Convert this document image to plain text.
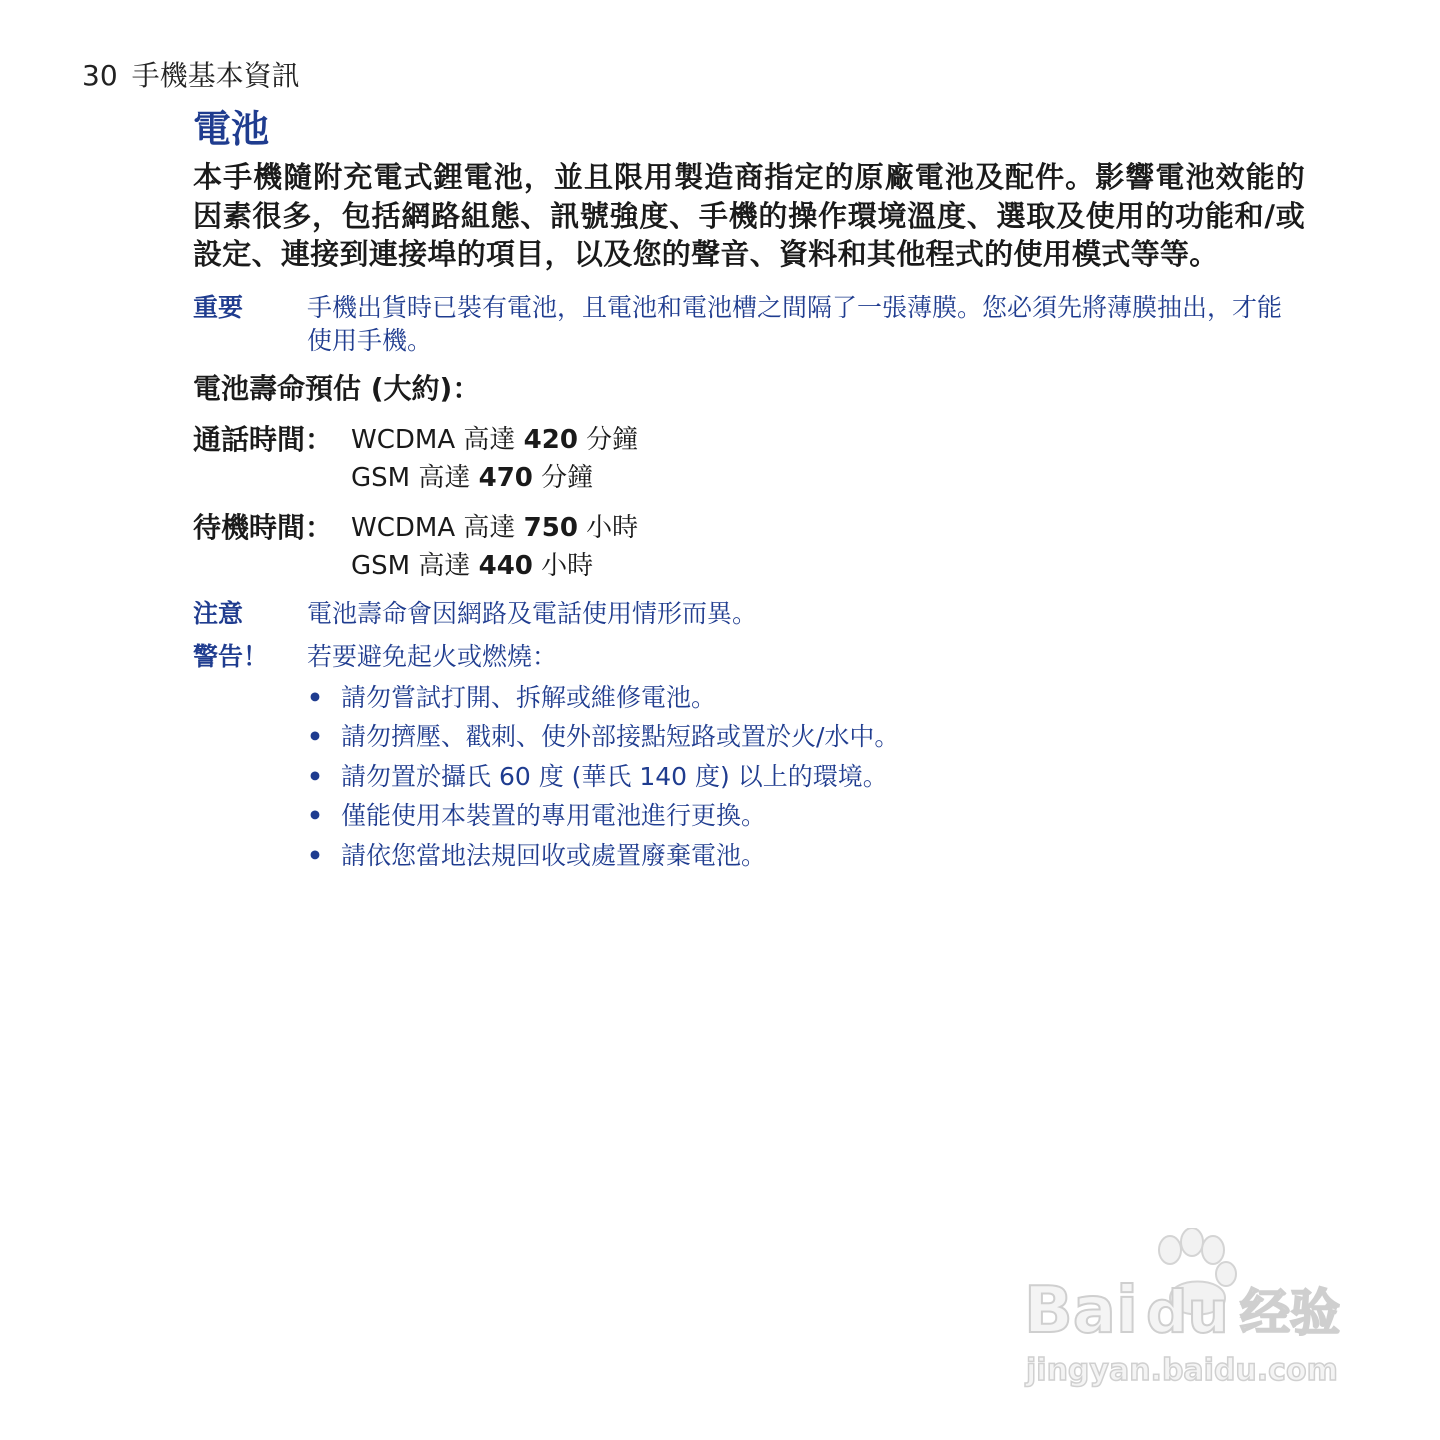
30 手機基本資訊
電池

本手機隨附充電式鋰電池，並且限用製造商指定的原廠電池及配件。影響電池效能的因素很多，包括網路組態、訊號強度、手機的操作環境溫度、選取及使用的功能和/或設定、連接到連接埠的項目，以及您的聲音、資料和其他程式的使用模式等等。

重要	手機出貨時已裝有電池，且電池和電池槽之間隔了一張薄膜。您必須先將薄膜抽出，才能使用手機。
電池壽命預估 (大約)：
通話時間： WCDMA 高達 420 分鐘
GSM 高達 470 分鐘
待機時間： WCDMA 高達 750 小時
GSM 高達 440 小時
注意	電池壽命會因網路及電話使用情形而異。
警告！	若要避免起火或燃燒：
• 請勿嘗試打開、拆解或維修電池。
• 請勿擠壓、戳刺、使外部接點短路或置於火/水中。
• 請勿置於攝氏 60 度 (華氏 140 度) 以上的環境。
• 僅能使用本裝置的專用電池進行更換。
• 請依您當地法規回收或處置廢棄電池。
Bai du 经验
jingyan.baidu.com
